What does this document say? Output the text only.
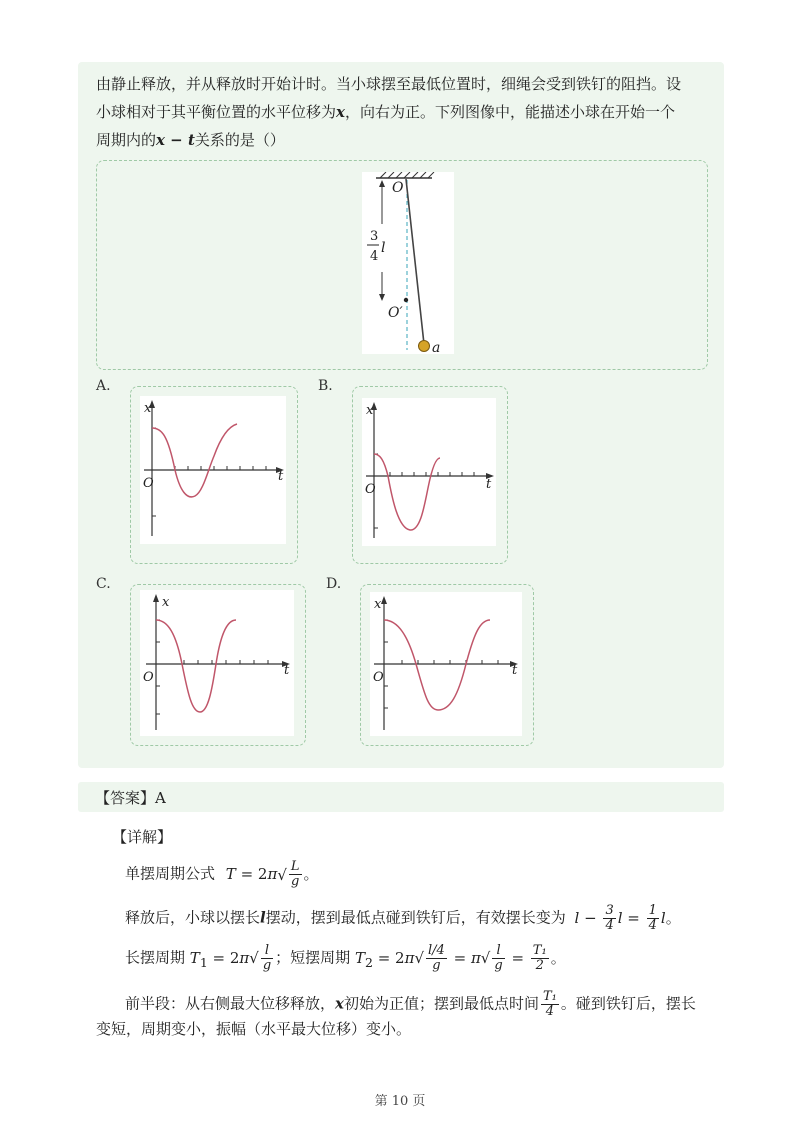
由静止释放，并从释放时开始计时。当小球摆至最低位置时，细绳会受到铁钉的阻挡。设
小球相对于其平衡位置的水平位移为x，向右为正。下列图像中，能描述小球在开始一个
周期内的x − t关系的是（）
3
4
l
O
O′
a
A.
x
t
O
B.
x
t
O
C.
x
t
O
D.
x
t
O
【答案】A
【详解】
单摆周期公式 $T = 2\pi√ \frac{L}{g}$ 。
释放后，小球以摆长l摆动，摆到最低点碰到铁钉后，有效摆长变为 $l - \frac{3}{4}$ $l = \frac{1}{4}$ l。
长摆周期 $T_1 = 2\pi√ \frac{l}{g}$ ；短摆周期 $T_2 = 2\pi√ \frac{l/4}{g} = \pi√ \frac{l}{g} = \frac{\text{T₁}}{2}$ 。
前半段：从右侧最大位移释放，x初始为正值；摆到最低点时间 $\frac{\text{T₁}}{4}$ 。碰到铁钉后，摆长
变短，周期变小，振幅（水平最大位移）变小。
第 10 页
